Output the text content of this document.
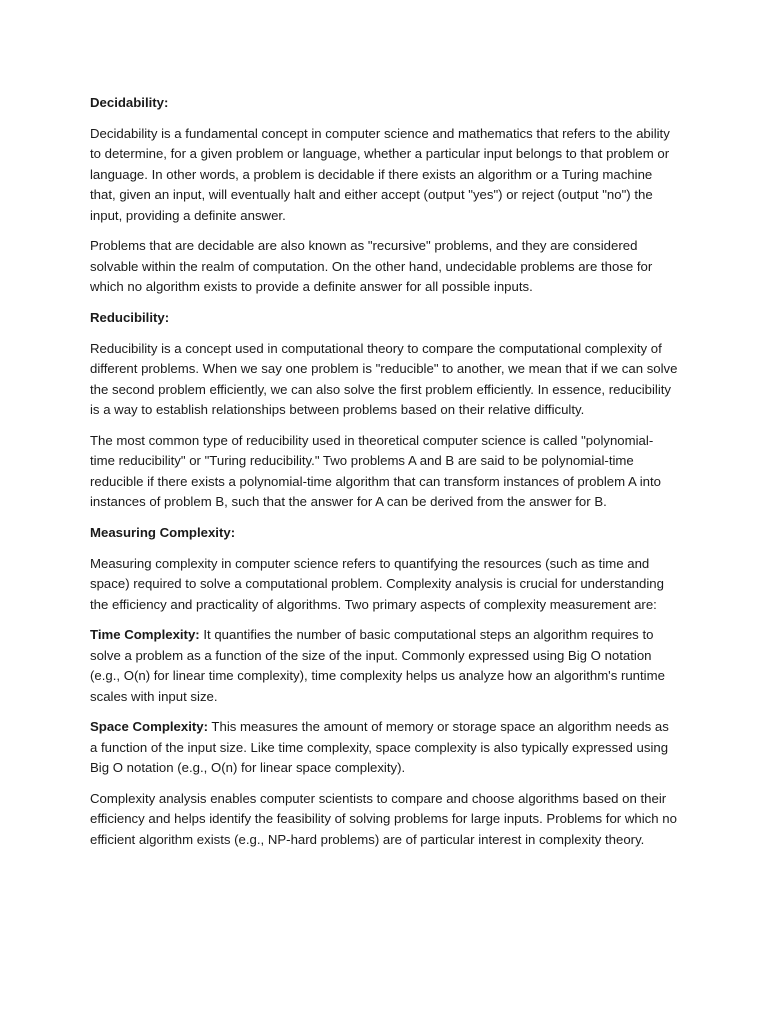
Decidability:

Decidability is a fundamental concept in computer science and mathematics that refers to the ability to determine, for a given problem or language, whether a particular input belongs to that problem or language. In other words, a problem is decidable if there exists an algorithm or a Turing machine that, given an input, will eventually halt and either accept (output "yes") or reject (output "no") the input, providing a definite answer.

Problems that are decidable are also known as "recursive" problems, and they are considered solvable within the realm of computation. On the other hand, undecidable problems are those for which no algorithm exists to provide a definite answer for all possible inputs.

Reducibility:

Reducibility is a concept used in computational theory to compare the computational complexity of different problems. When we say one problem is "reducible" to another, we mean that if we can solve the second problem efficiently, we can also solve the first problem efficiently. In essence, reducibility is a way to establish relationships between problems based on their relative difficulty.

The most common type of reducibility used in theoretical computer science is called "polynomial-time reducibility" or "Turing reducibility." Two problems A and B are said to be polynomial-time reducible if there exists a polynomial-time algorithm that can transform instances of problem A into instances of problem B, such that the answer for A can be derived from the answer for B.

Measuring Complexity:

Measuring complexity in computer science refers to quantifying the resources (such as time and space) required to solve a computational problem. Complexity analysis is crucial for understanding the efficiency and practicality of algorithms. Two primary aspects of complexity measurement are:

Time Complexity: It quantifies the number of basic computational steps an algorithm requires to solve a problem as a function of the size of the input. Commonly expressed using Big O notation (e.g., O(n) for linear time complexity), time complexity helps us analyze how an algorithm's runtime scales with input size.

Space Complexity: This measures the amount of memory or storage space an algorithm needs as a function of the input size. Like time complexity, space complexity is also typically expressed using Big O notation (e.g., O(n) for linear space complexity).

Complexity analysis enables computer scientists to compare and choose algorithms based on their efficiency and helps identify the feasibility of solving problems for large inputs. Problems for which no efficient algorithm exists (e.g., NP-hard problems) are of particular interest in complexity theory.
